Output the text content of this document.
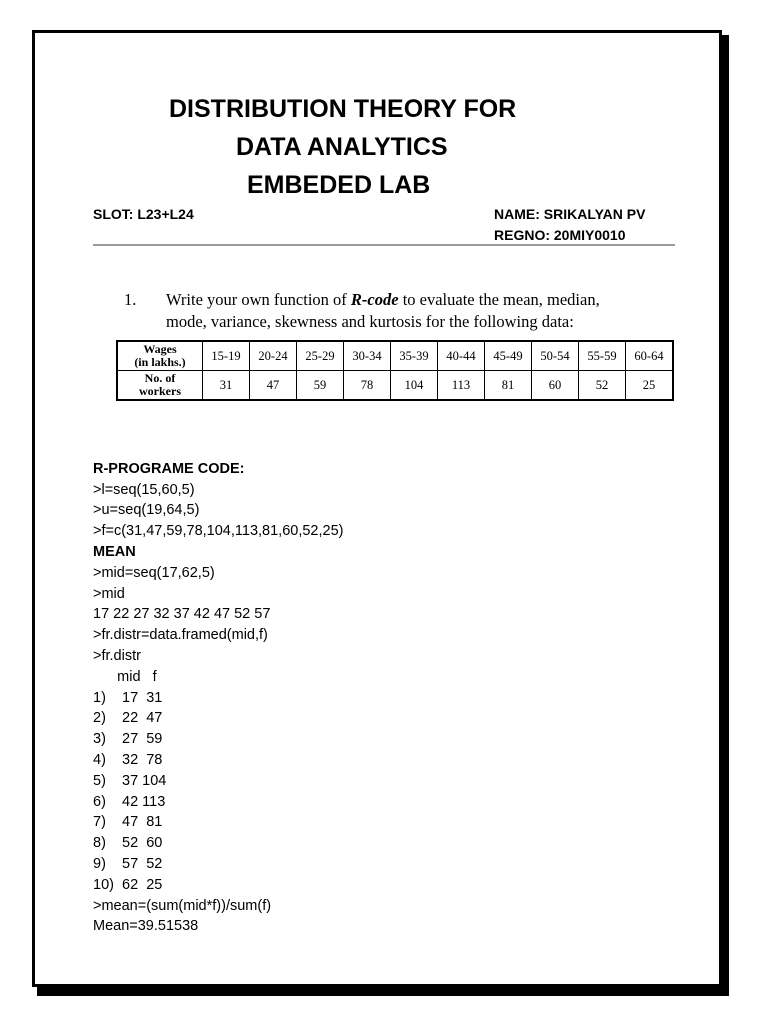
DISTRIBUTION THEORY FOR
DATA ANALYTICS
EMBEDED LAB
SLOT: L23+L24	NAME: SRIKALYAN PV
REGNO: 20MIY0010
1. Write your own function of R-code to evaluate the mean, median,
mode, variance, skewness and kurtosis for the following data:
Wages
(in lakhs.)	15-19	20-24	25-29	30-34	35-39	40-44	45-49	50-54	55-59	60-64
No. of
workers	31	47	59	78	104	113	81	60	52	25

R-PROGRAME CODE:
>l=seq(15,60,5)
>u=seq(19,64,5)
>f=c(31,47,59,78,104,113,81,60,52,25)
MEAN
>mid=seq(17,62,5)
>mid
17 22 27 32 37 42 47 52 57
>fr.distr=data.framed(mid,f)
>fr.distr
mid   f
1)    17  31
2)    22  47
3)    27  59
4)    32  78
5)    37 104
6)    42 113
7)    47  81
8)    52  60
9)    57  52
10)  62  25
>mean=(sum(mid*f))/sum(f)
Mean=39.51538
